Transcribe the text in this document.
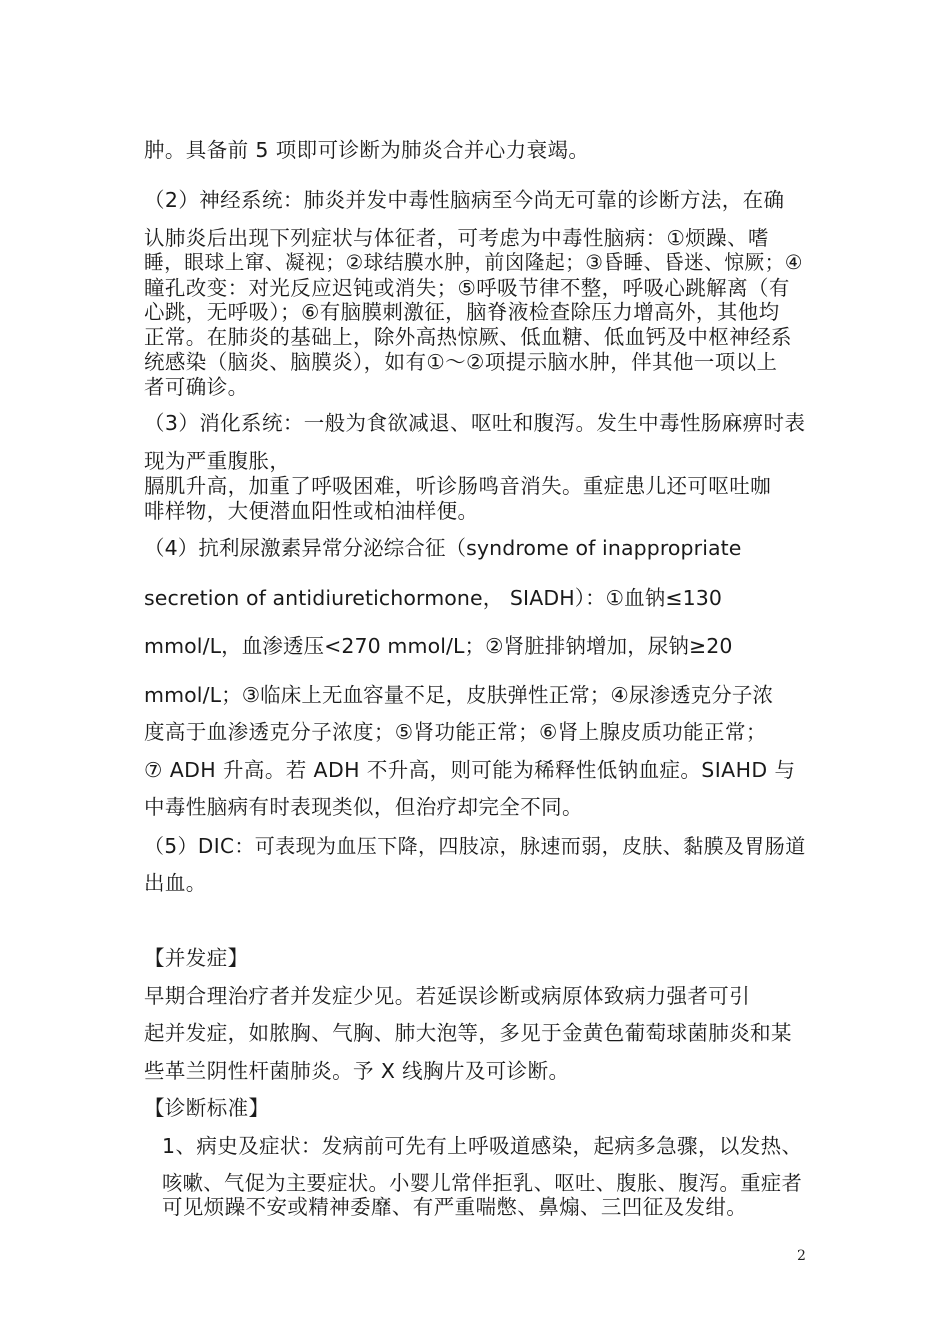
肿。具备前 5 项即可诊断为肺炎合并心力衰竭。

（2）神经系统：肺炎并发中毒性脑病至今尚无可靠的诊断方法，在确

认肺炎后出现下列症状与体征者，可考虑为中毒性脑病：①烦躁、嗜

睡，眼球上窜、凝视；②球结膜水肿，前囟隆起；③昏睡、昏迷、惊厥；④

瞳孔改变：对光反应迟钝或消失；⑤呼吸节律不整，呼吸心跳解离（有

心跳，无呼吸）；⑥有脑膜刺激征，脑脊液检查除压力增高外，其他均

正常。在肺炎的基础上，除外高热惊厥、低血糖、低血钙及中枢神经系

统感染（脑炎、脑膜炎），如有①～②项提示脑水肿，伴其他一项以上

者可确诊。

（3）消化系统：一般为食欲减退、呕吐和腹泻。发生中毒性肠麻痹时表

现为严重腹胀，

膈肌升高，加重了呼吸困难，听诊肠鸣音消失。重症患儿还可呕吐咖

啡样物，大便潜血阳性或柏油样便。

（4）抗利尿激素异常分泌综合征（syndrome of inappropriate

secretion of antidiuretichormone， SIADH）：①血钠≤130

mmol/L，血渗透压<270 mmol/L；②肾脏排钠增加，尿钠≥20

mmol/L；③临床上无血容量不足，皮肤弹性正常；④尿渗透克分子浓

度高于血渗透克分子浓度；⑤肾功能正常；⑥肾上腺皮质功能正常；

⑦ ADH 升高。若 ADH 不升高，则可能为稀释性低钠血症。SIAHD 与

中毒性脑病有时表现类似，但治疗却完全不同。

（5）DIC：可表现为血压下降，四肢凉，脉速而弱，皮肤、黏膜及胃肠道

出血。

【并发症】

早期合理治疗者并发症少见。若延误诊断或病原体致病力强者可引

起并发症，如脓胸、气胸、肺大泡等，多见于金黄色葡萄球菌肺炎和某

些革兰阴性杆菌肺炎。予 X 线胸片及可诊断。

【诊断标准】

1、病史及症状：发病前可先有上呼吸道感染，起病多急骤，以发热、

咳嗽、气促为主要症状。小婴儿常伴拒乳、呕吐、腹胀、腹泻。重症者

可见烦躁不安或精神委靡、有严重喘憋、鼻煽、三凹征及发绀。

2
